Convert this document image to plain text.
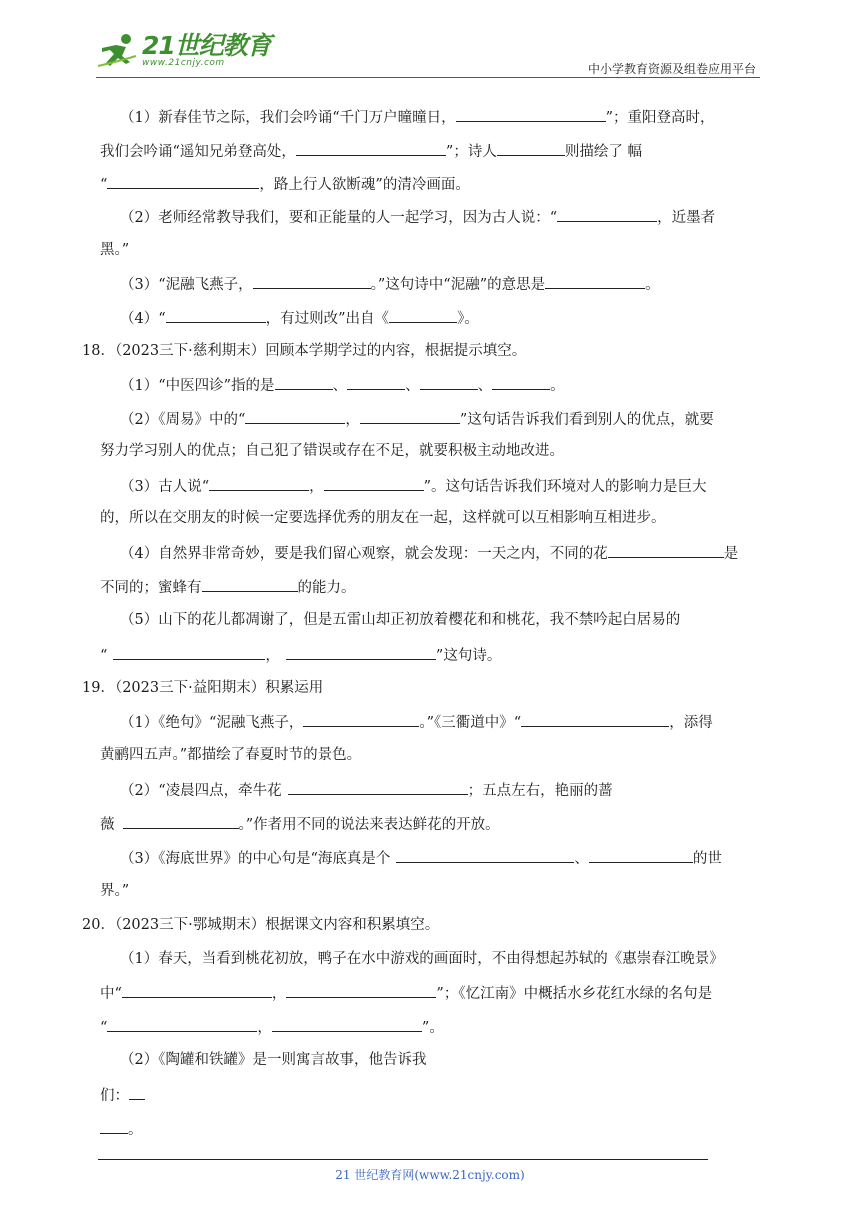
21世纪教育
www.21cnjy.com	中小学教育资源及组卷应用平台
（1）新春佳节之际，我们会吟诵“千门万户曈曈日，	”；重阳登高时，
我们会吟诵“遥知兄弟登高处，	”；诗人	则描绘了 幅
“	，路上行人欲断魂”的清冷画面。
（2）老师经常教导我们，要和正能量的人一起学习，因为古人说：“	，近墨者
黑。”
（3）“泥融飞燕子，	。”这句诗中“泥融”的意思是	。
（4）“	，有过则改”出自《	》。
18．（2023三下·慈利期末）回顾本学期学过的内容，根据提示填空。
（1）“中医四诊”指的是	、	、	、	。
（2）《周易》中的“	，	”这句话告诉我们看到别人的优点，就要
努力学习别人的优点；自己犯了错误或存在不足，就要积极主动地改进。
（3）古人说“	，	”。这句话告诉我们环境对人的影响力是巨大
的，所以在交朋友的时候一定要选择优秀的朋友在一起，这样就可以互相影响互相进步。
（4）自然界非常奇妙，要是我们留心观察，就会发现：一天之内，不同的花	是
不同的；蜜蜂有	的能力。
（5）山下的花儿都凋谢了，但是五雷山却正初放着樱花和和桃花，我不禁吟起白居易的
“	，	”这句诗。
19．（2023三下·益阳期末）积累运用
（1）《绝句》“泥融飞燕子，	。”《三衢道中》“	，添得
黄鹂四五声。”都描绘了春夏时节的景色。
（2）“凌晨四点，牵牛花	；五点左右，艳丽的蔷
薇	。”作者用不同的说法来表达鲜花的开放。
（3）《海底世界》的中心句是“海底真是个	、	的世
界。”
20．（2023三下·鄂城期末）根据课文内容和积累填空。
（1）春天，当看到桃花初放，鸭子在水中游戏的画面时，不由得想起苏轼的《惠崇春江晚景》
中“	，	”；《忆江南》中概括水乡花红水绿的名句是
“	，	”。
（2）《陶罐和铁罐》是一则寓言故事，他告诉我
们：
。
21 世纪教育网(www.21cnjy.com)
